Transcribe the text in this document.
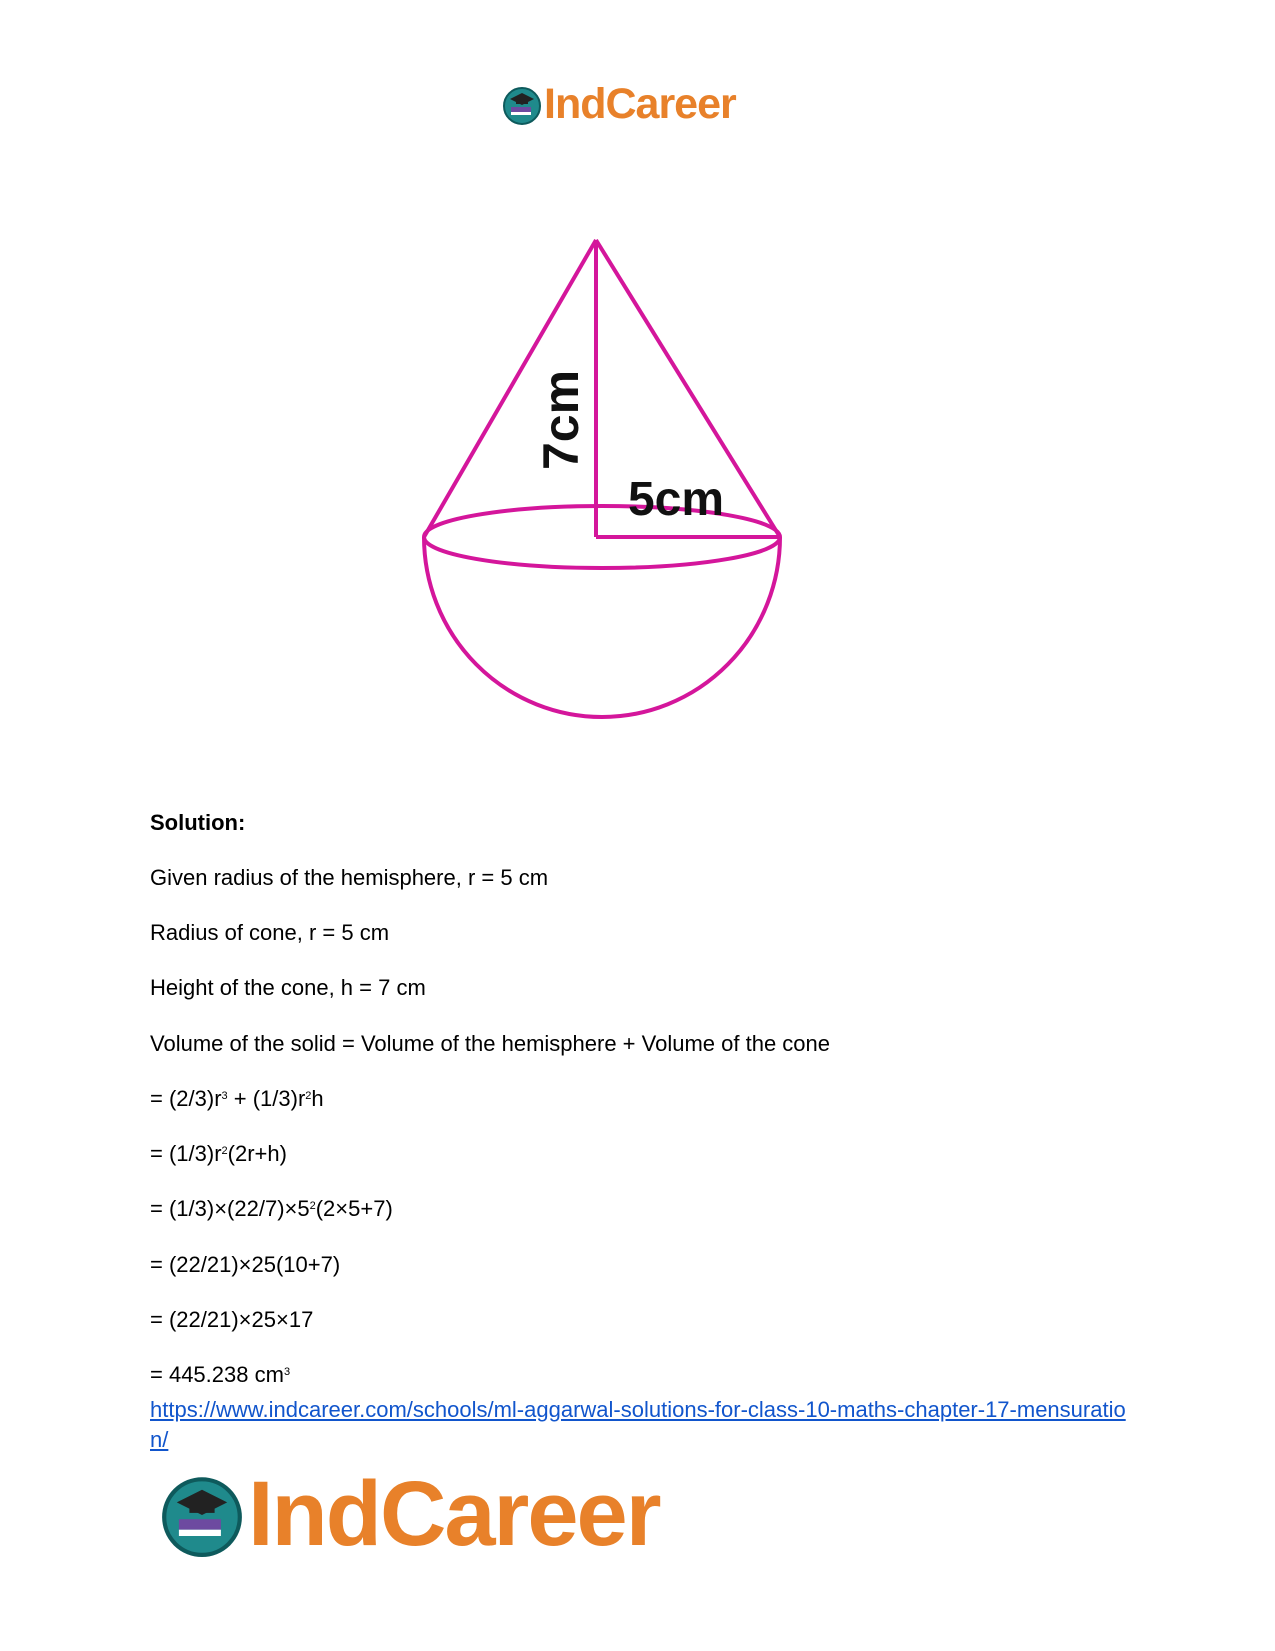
IndCareer
7cm
5cm
Solution:
Given radius of the hemisphere, r = 5 cm
Radius of cone, r = 5 cm
Height of the cone, h = 7 cm
Volume of the solid = Volume of the hemisphere + Volume of the cone
= $(2/3)r^3 + (1/3)r^2h$
= $(1/3)r^2(2r+h)$
= $(1/3)\times(22/7)\times 5^2(2\times 5+7)$
= (22/21)×25(10+7)
= (22/21)×25×17
= 445.238 $cm^3$
https://www.indcareer.com/schools/ml-aggarwal-solutions-for-class-10-maths-chapter-17-mensuration/
IndCareer
